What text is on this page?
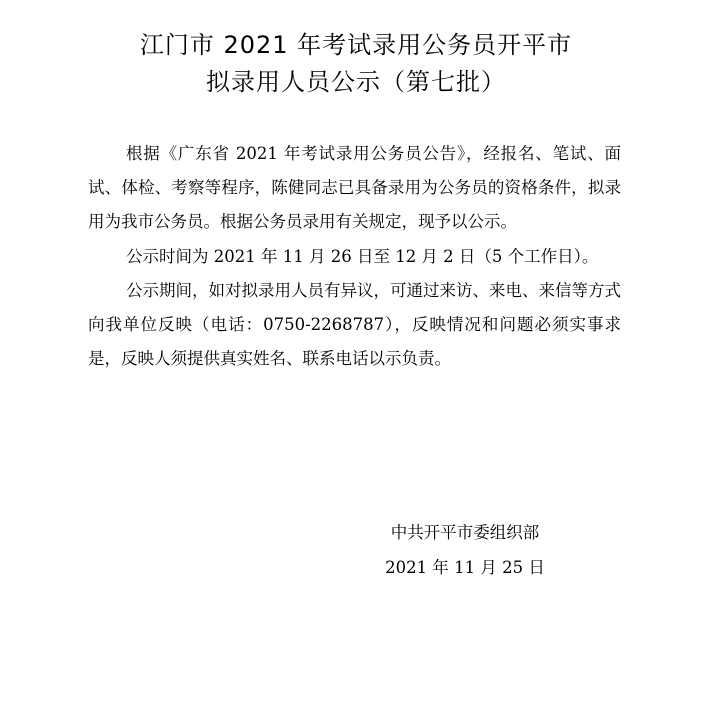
江门市 2021 年考试录用公务员开平市
拟录用人员公示（第七批）

根据《广东省 2021 年考试录用公务员公告》，经报名、笔试、面试、体检、考察等程序，陈健同志已具备录用为公务员的资格条件，拟录用为我市公务员。根据公务员录用有关规定，现予以公示。

公示时间为 2021 年 11 月 26 日至 12 月 2 日（5 个工作日）。

公示期间，如对拟录用人员有异议，可通过来访、来电、来信等方式向我单位反映（电话：0750-2268787），反映情况和问题必须实事求是，反映人须提供真实姓名、联系电话以示负责。

中共开平市委组织部
2021 年 11 月 25 日
